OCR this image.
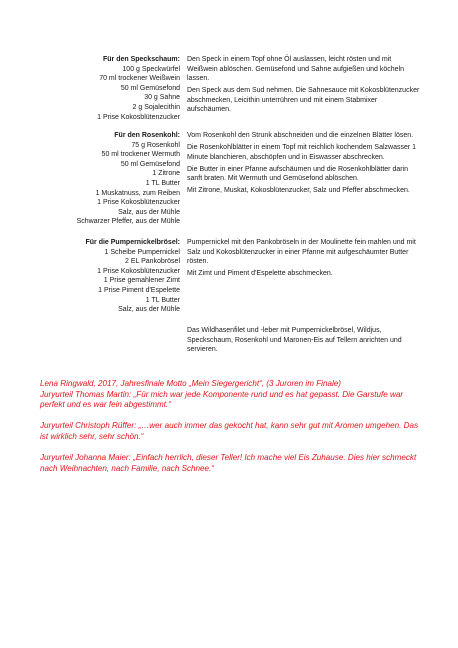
Für den Speckschaum:
100 g Speckwürfel
70 ml trockener Weißwein
50 ml Gemüsefond
30 g Sahne
2 g Sojalecithin
1 Prise Kokosblütenzucker

Den Speck in einem Topf ohne Öl auslassen, leicht rösten und mit Weißwein ablöschen. Gemüsefond und Sahne aufgießen und köcheln lassen.

Den Speck aus dem Sud nehmen. Die Sahnesauce mit Kokosblütenzucker abschmecken, Leicithin unterrühren und mit einem Stabmixer aufschäumen.

Für den Rosenkohl:
75 g Rosenkohl
50 ml trockener Wermuth
50 ml Gemüsefond
1 Zitrone
1 TL Butter
1 Muskatnuss, zum Reiben
1 Prise Kokosblütenzucker
Salz, aus der Mühle
Schwarzer Pfeffer, aus der Mühle

Vom Rosenkohl den Strunk abschneiden und die einzelnen Blätter lösen.

Die Rosenkohlblätter in einem Topf mit reichlich kochendem Salzwasser 1 Minute blanchieren, abschöpfen und in Eiswasser abschrecken.

Die Butter in einer Pfanne aufschäumen und die Rosenkohlblätter darin sanft braten. Mit Wermuth und Gemüsefond ablöschen.

Mit Zitrone, Muskat, Kokosblütenzucker, Salz und Pfeffer abschmecken.

Für die Pumpernickelbrösel:
1 Scheibe Pumpernickel
2 EL Pankobrösel
1 Prise Kokosblütenzucker
1 Prise gemahlener Zimt
1 Prise Piment d'Espelette
1 TL Butter
Salz, aus der Mühle

Pumpernickel mit den Pankobröseln in der Moulinette fein mahlen und mit Salz und Kokosblütenzucker in einer Pfanne mit aufgeschäumter Butter rösten.

Mit Zimt und Piment d'Espelette abschmecken.

Das Wildhasenfilet und -leber mit Pumpernickelbrösel, Wildjus, Speckschaum, Rosenkohl und Maronen-Eis auf Tellern anrichten und servieren.

Lena Ringwald, 2017, Jahresfinale Motto „Mein Siegergericht“, (3 Juroren im Finale)

Juryurteil Thomas Martin: „Für mich war jede Komponente rund und es hat gepasst. Die Garstufe war perfekt und es war fein abgestimmt.“

Juryurteil Christoph Rüffer: „…wer auch immer das gekocht hat, kann sehr gut mit Aromen umgehen. Das ist wirklich sehr, sehr schön.“

Juryurteil Johanna Maier: „Einfach herrlich, dieser Teller! Ich mache viel Eis Zuhause. Dies hier schmeckt nach Weihnachten, nach Familie, nach Schnee.“
